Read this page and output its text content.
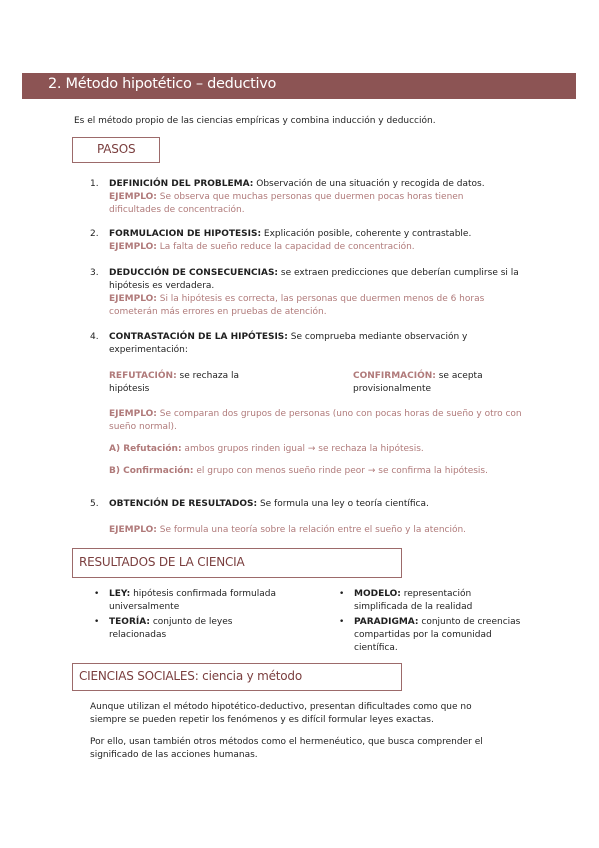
2. Método hipotético – deductivo
Es el método propio de las ciencias empíricas y combina inducción y deducción.
PASOS
1. DEFINICIÓN DEL PROBLEMA: Observación de una situación y recogida de datos.
EJEMPLO: Se observa que muchas personas que duermen pocas horas tienen dificultades de concentración.
2. FORMULACION DE HIPOTESIS: Explicación posible, coherente y contrastable.
EJEMPLO: La falta de sueño reduce la capacidad de concentración.
3. DEDUCCIÓN DE CONSECUENCIAS: se extraen predicciones que deberían cumplirse si la hipótesis es verdadera.
EJEMPLO: Si la hipótesis es correcta, las personas que duermen menos de 6 horas cometerán más errores en pruebas de atención.
4. CONTRASTACIÓN DE LA HIPÓTESIS: Se comprueba mediante observación y experimentación:
REFUTACIÓN: se rechaza la hipótesis
CONFIRMACIÓN: se acepta provisionalmente
EJEMPLO: Se comparan dos grupos de personas (uno con pocas horas de sueño y otro con sueño normal).
A) Refutación: ambos grupos rinden igual → se rechaza la hipótesis.
B) Confirmación: el grupo con menos sueño rinde peor → se confirma la hipótesis.
5. OBTENCIÓN DE RESULTADOS: Se formula una ley o teoría científica.
EJEMPLO: Se formula una teoría sobre la relación entre el sueño y la atención.
RESULTADOS DE LA CIENCIA
• LEY: hipótesis confirmada formulada universalmente
• TEORÍA: conjunto de leyes relacionadas
• MODELO: representación simplificada de la realidad
• PARADIGMA: conjunto de creencias compartidas por la comunidad científica.
CIENCIAS SOCIALES: ciencia y método
Aunque utilizan el método hipotético-deductivo, presentan dificultades como que no siempre se pueden repetir los fenómenos y es difícil formular leyes exactas.
Por ello, usan también otros métodos como el hermenéutico, que busca comprender el significado de las acciones humanas.
